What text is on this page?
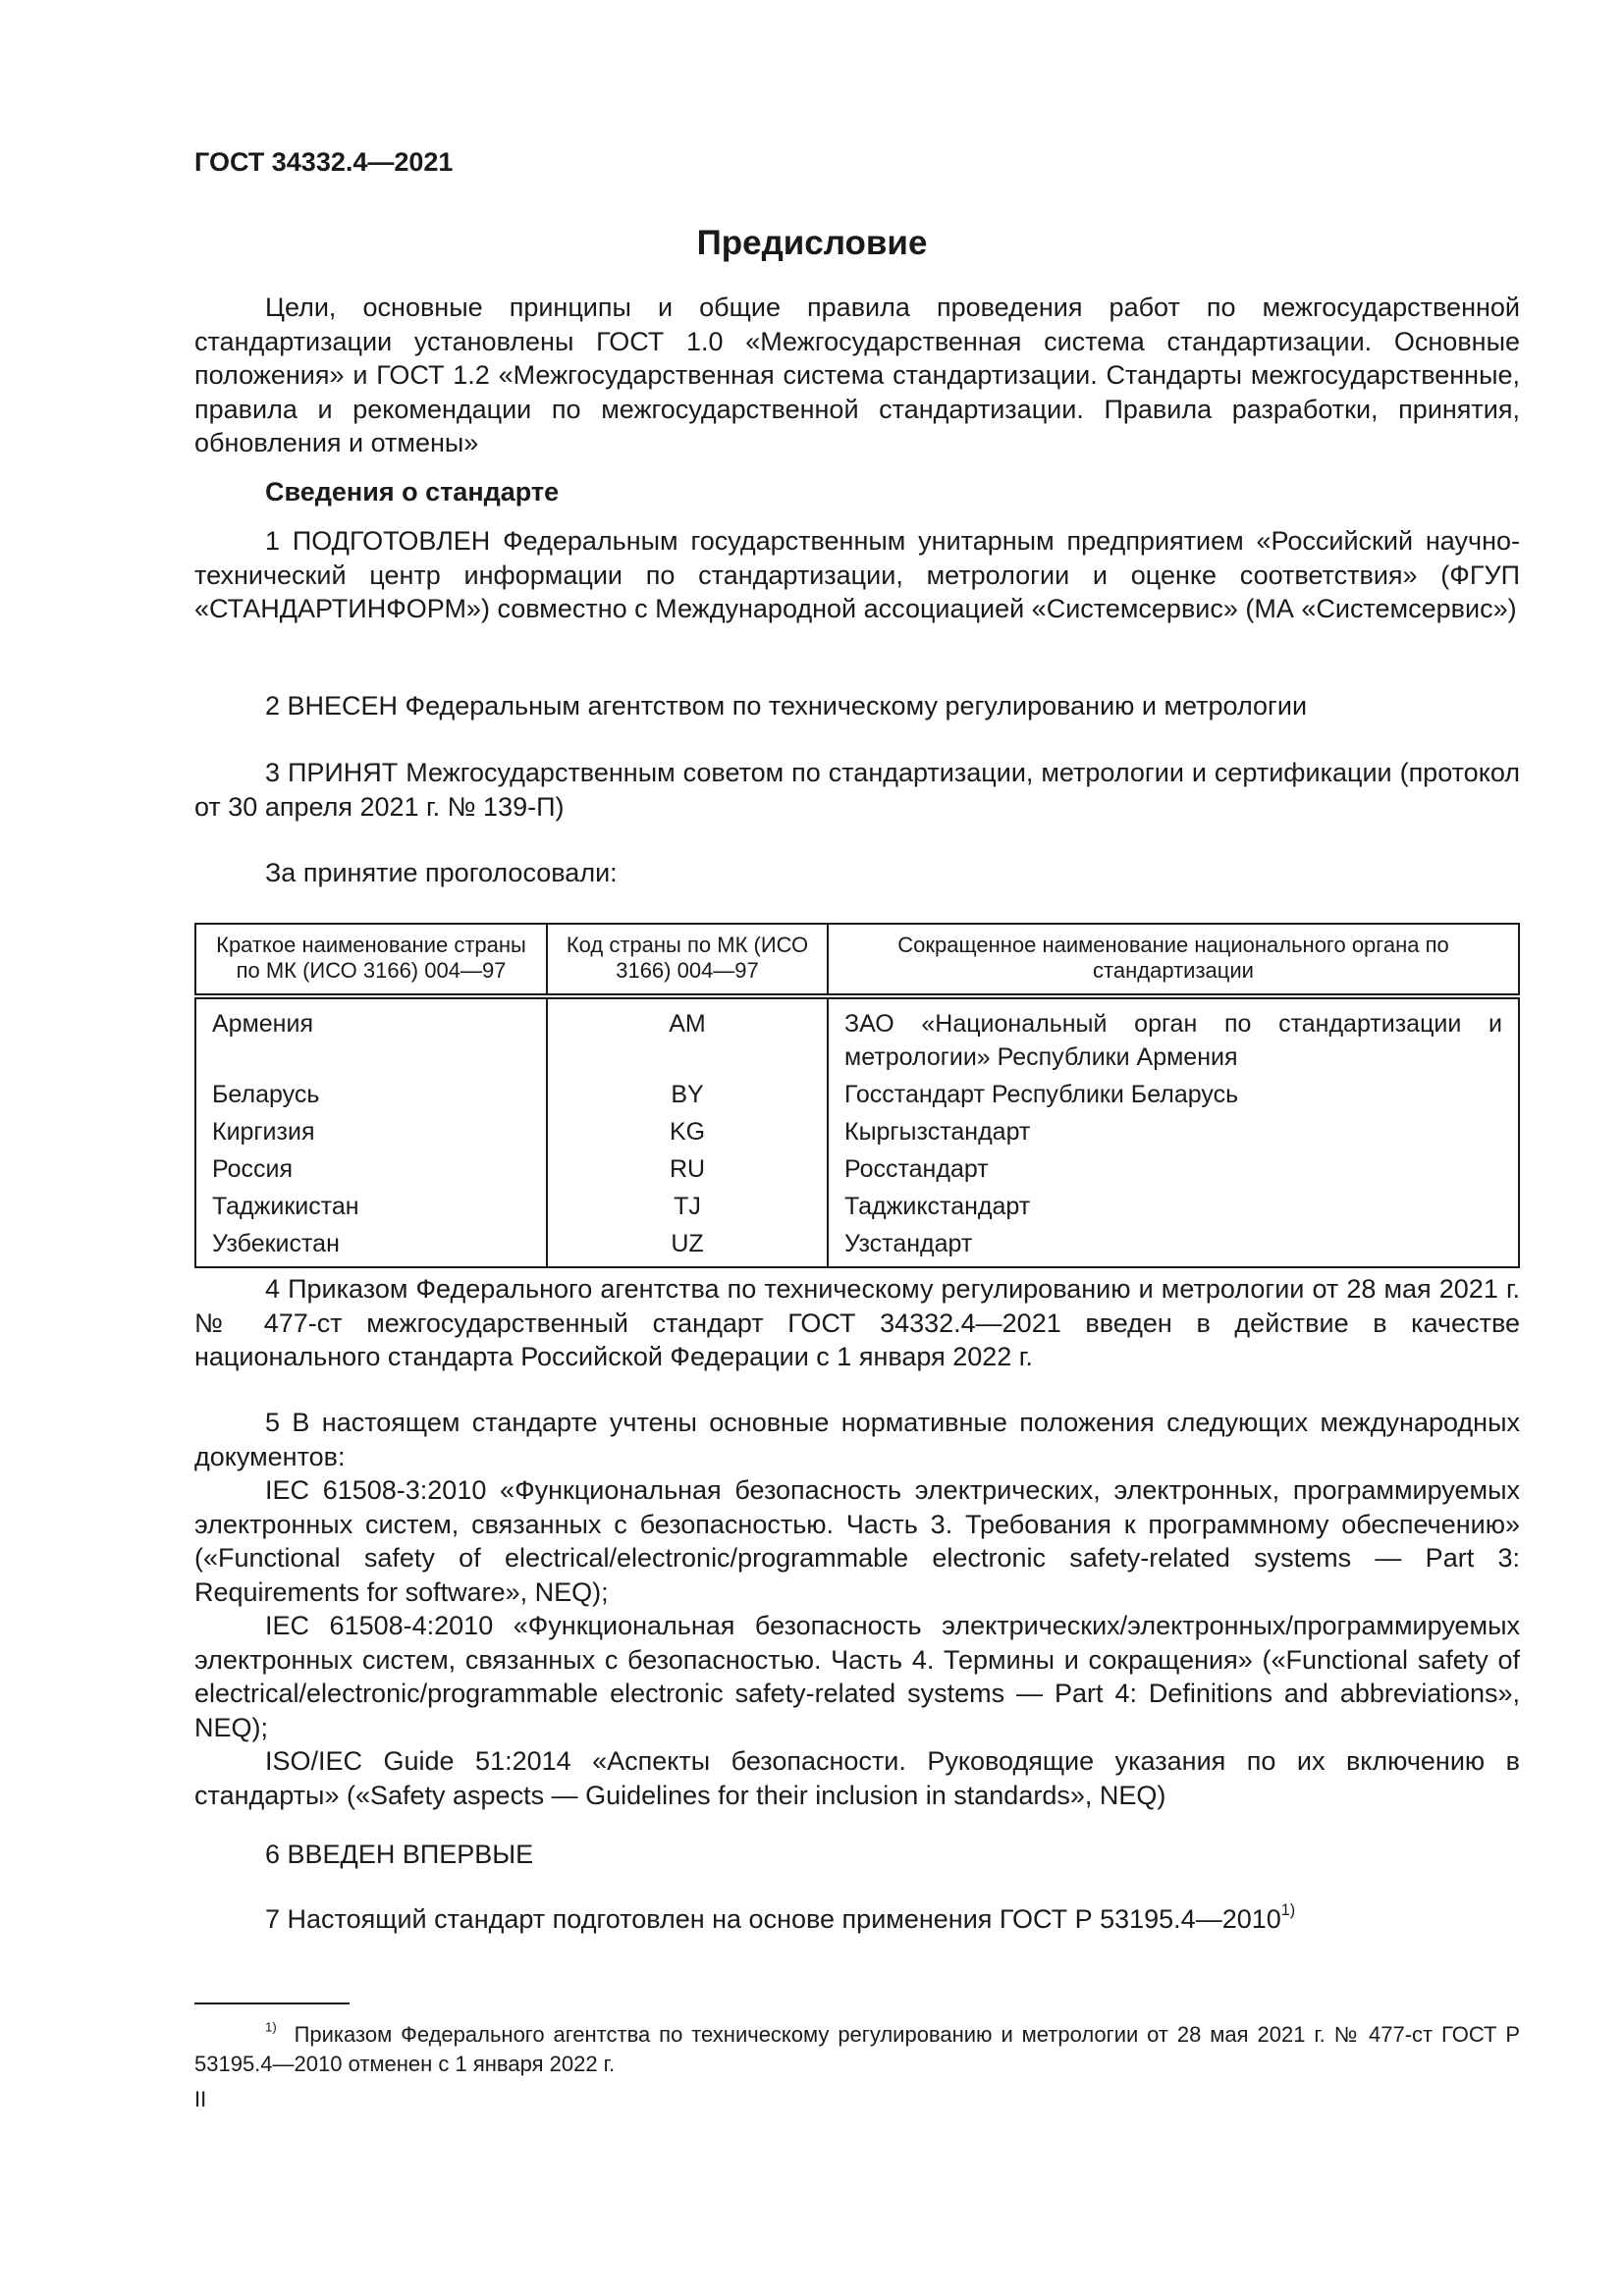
ГОСТ 34332.4—2021
Предисловие

Цели, основные принципы и общие правила проведения работ по межгосударственной стандартизации установлены ГОСТ 1.0 «Межгосударственная система стандартизации. Основные положения» и ГОСТ 1.2 «Межгосударственная система стандартизации. Стандарты межгосударственные, правила и рекомендации по межгосударственной стандартизации. Правила разработки, принятия, обновления и отмены»

Сведения о стандарте

1 ПОДГОТОВЛЕН Федеральным государственным унитарным предприятием «Российский научно-технический центр информации по стандартизации, метрологии и оценке соответствия» (ФГУП «СТАНДАРТИНФОРМ») совместно с Международной ассоциацией «Системсервис» (МА «Системсервис»)

2 ВНЕСЕН Федеральным агентством по техническому регулированию и метрологии

3 ПРИНЯТ Межгосударственным советом по стандартизации, метрологии и сертификации (протокол от 30 апреля 2021 г. № 139-П)

За принятие проголосовали:

Краткое наименование страны по МК (ИСО 3166) 004—97	Код страны по МК (ИСО 3166) 004—97	Сокращенное наименование национального органа по стандартизации
Армения	AM	ЗАО «Национальный орган по стандартизации и метрологии» Республики Армения
Беларусь	BY	Госстандарт Республики Беларусь
Киргизия	KG	Кыргызстандарт
Россия	RU	Росстандарт
Таджикистан	TJ	Таджикстандарт
Узбекистан	UZ	Узстандарт

4 Приказом Федерального агентства по техническому регулированию и метрологии от 28 мая 2021 г. № 477-ст межгосударственный стандарт ГОСТ 34332.4—2021 введен в действие в качестве национального стандарта Российской Федерации с 1 января 2022 г.

5 В настоящем стандарте учтены основные нормативные положения следующих международных документов:

IEC 61508-3:2010 «Функциональная безопасность электрических, электронных, программируемых электронных систем, связанных с безопасностью. Часть 3. Требования к программному обеспечению» («Functional safety of electrical/electronic/programmable electronic safety-related systems — Part 3: Requirements for software», NEQ);

IEC 61508-4:2010 «Функциональная безопасность электрических/электронных/программируемых электронных систем, связанных с безопасностью. Часть 4. Термины и сокращения» («Functional safety of electrical/electronic/programmable electronic safety-related systems — Part 4: Definitions and abbreviations», NEQ);

ISO/IEC Guide 51:2014 «Аспекты безопасности. Руководящие указания по их включению в стандарты» («Safety aspects — Guidelines for their inclusion in standards», NEQ)

6 ВВЕДЕН ВПЕРВЫЕ

7 Настоящий стандарт подготовлен на основе применения ГОСТ Р 53195.4—2010$^{1)}$

$^{1)}$ Приказом Федерального агентства по техническому регулированию и метрологии от 28 мая 2021 г. № 477-ст ГОСТ Р 53195.4—2010 отменен с 1 января 2022 г.

II
